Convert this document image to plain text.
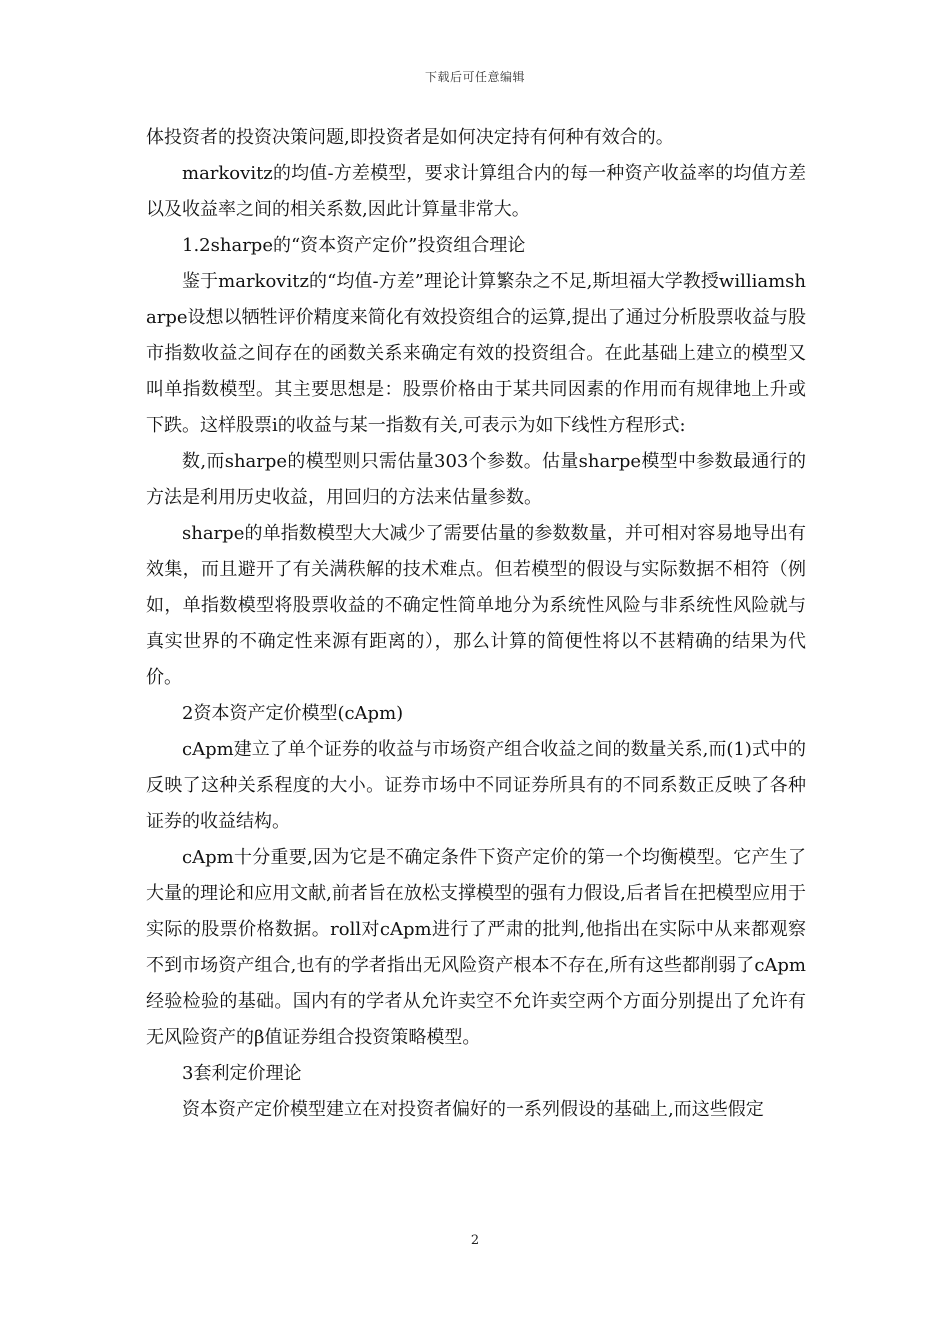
下载后可任意编辑

体投资者的投资决策问题,即投资者是如何决定持有何种有效合的。

markovitz的均值-方差模型，要求计算组合内的每一种资产收益率的均值方差以及收益率之间的相关系数,因此计算量非常大。

1.2sharpe的“资本资产定价”投资组合理论

鉴于markovitz的“均值-方差”理论计算繁杂之不足,斯坦福大学教授williamsharpe设想以牺牲评价精度来简化有效投资组合的运算,提出了通过分析股票收益与股市指数收益之间存在的函数关系来确定有效的投资组合。在此基础上建立的模型又叫单指数模型。其主要思想是：股票价格由于某共同因素的作用而有规律地上升或下跌。这样股票i的收益与某一指数有关,可表示为如下线性方程形式:

数,而sharpe的模型则只需估量303个参数。估量sharpe模型中参数最通行的方法是利用历史收益，用回归的方法来估量参数。

sharpe的单指数模型大大减少了需要估量的参数数量，并可相对容易地导出有效集，而且避开了有关满秩解的技术难点。但若模型的假设与实际数据不相符（例如，单指数模型将股票收益的不确定性简单地分为系统性风险与非系统性风险就与真实世界的不确定性来源有距离的），那么计算的简便性将以不甚精确的结果为代价。

2资本资产定价模型(cApm)

cApm建立了单个证券的收益与市场资产组合收益之间的数量关系,而(1)式中的反映了这种关系程度的大小。证券市场中不同证券所具有的不同系数正反映了各种证券的收益结构。

cApm十分重要,因为它是不确定条件下资产定价的第一个均衡模型。它产生了大量的理论和应用文献,前者旨在放松支撑模型的强有力假设,后者旨在把模型应用于实际的股票价格数据。roll对cApm进行了严肃的批判,他指出在实际中从来都观察不到市场资产组合,也有的学者指出无风险资产根本不存在,所有这些都削弱了cApm经验检验的基础。国内有的学者从允许卖空不允许卖空两个方面分别提出了允许有无风险资产的β值证券组合投资策略模型。

3套利定价理论

资本资产定价模型建立在对投资者偏好的一系列假设的基础上,而这些假定

2
